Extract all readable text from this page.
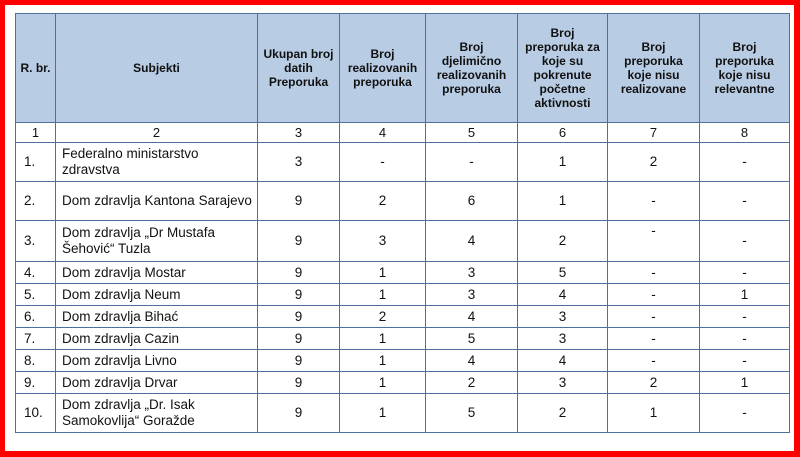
R. br.	Subjekti	Ukupan broj datih Preporuka	Broj realizovanih preporuka	Broj djelimično realizovanih preporuka	Broj preporuka za koje su pokrenute početne aktivnosti	Broj preporuka koje nisu realizovane	Broj preporuka koje nisu relevantne
1	2	3	4	5	6	7	8
1.	Federalno ministarstvo zdravstva	3	-	-	1	2	-
2.	Dom zdravlja Kantona Sarajevo	9	2	6	1	-	-
3.	Dom zdravlja „Dr Mustafa Šehović“ Tuzla	9	3	4	2	-	-
4.	Dom zdravlja Mostar	9	1	3	5	-	-
5.	Dom zdravlja Neum	9	1	3	4	-	1
6.	Dom zdravlja Bihać	9	2	4	3	-	-
7.	Dom zdravlja Cazin	9	1	5	3	-	-
8.	Dom zdravlja Livno	9	1	4	4	-	-
9.	Dom zdravlja Drvar	9	1	2	3	2	1
10.	Dom zdravlja „Dr. Isak Samokovlija“ Goražde	9	1	5	2	1	-
